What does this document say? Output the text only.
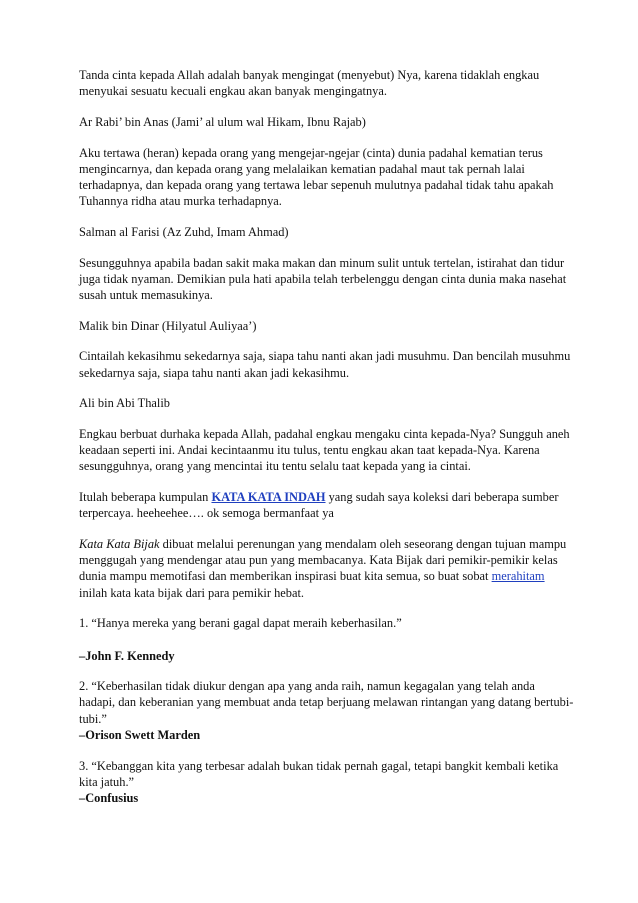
Tanda cinta kepada Allah adalah banyak mengingat (menyebut) Nya, karena tidaklah engkau menyukai sesuatu kecuali engkau akan banyak mengingatnya.

Ar Rabi’ bin Anas (Jami’ al ulum wal Hikam, Ibnu Rajab)

Aku tertawa (heran) kepada orang yang mengejar-ngejar (cinta) dunia padahal kematian terus mengincarnya, dan kepada orang yang melalaikan kematian padahal maut tak pernah lalai terhadapnya, dan kepada orang yang tertawa lebar sepenuh mulutnya padahal tidak tahu apakah Tuhannya ridha atau murka terhadapnya.

Salman al Farisi (Az Zuhd, Imam Ahmad)

Sesungguhnya apabila badan sakit maka makan dan minum sulit untuk tertelan, istirahat dan tidur juga tidak nyaman. Demikian pula hati apabila telah terbelenggu dengan cinta dunia maka nasehat susah untuk memasukinya.

Malik bin Dinar (Hilyatul Auliyaa’)

Cintailah kekasihmu sekedarnya saja, siapa tahu nanti akan jadi musuhmu. Dan bencilah musuhmu sekedarnya saja, siapa tahu nanti akan jadi kekasihmu.

Ali bin Abi Thalib

Engkau berbuat durhaka kepada Allah, padahal engkau mengaku cinta kepada-Nya? Sungguh aneh keadaan seperti ini. Andai kecintaanmu itu tulus, tentu engkau akan taat kepada-Nya. Karena sesungguhnya, orang yang mencintai itu tentu selalu taat kepada yang ia cintai.

Itulah beberapa kumpulan KATA KATA INDAH yang sudah saya koleksi dari beberapa sumber terpercaya. heeheehee…. ok semoga bermanfaat ya

Kata Kata Bijak dibuat melalui perenungan yang mendalam oleh seseorang dengan tujuan mampu menggugah yang mendengar atau pun yang membacanya. Kata Bijak dari pemikir-pemikir kelas dunia mampu memotifasi dan memberikan inspirasi buat kita semua, so buat sobat merahitam inilah kata kata bijak dari para pemikir hebat.

1. “Hanya mereka yang berani gagal dapat meraih keberhasilan.”

–John F. Kennedy

2. “Keberhasilan tidak diukur dengan apa yang anda raih, namun kegagalan yang telah anda hadapi, dan keberanian yang membuat anda tetap berjuang melawan rintangan yang datang bertubi-tubi.”
–Orison Swett Marden
3. “Kebanggan kita yang terbesar adalah bukan tidak pernah gagal, tetapi bangkit kembali ketika kita jatuh.”
–Confusius
